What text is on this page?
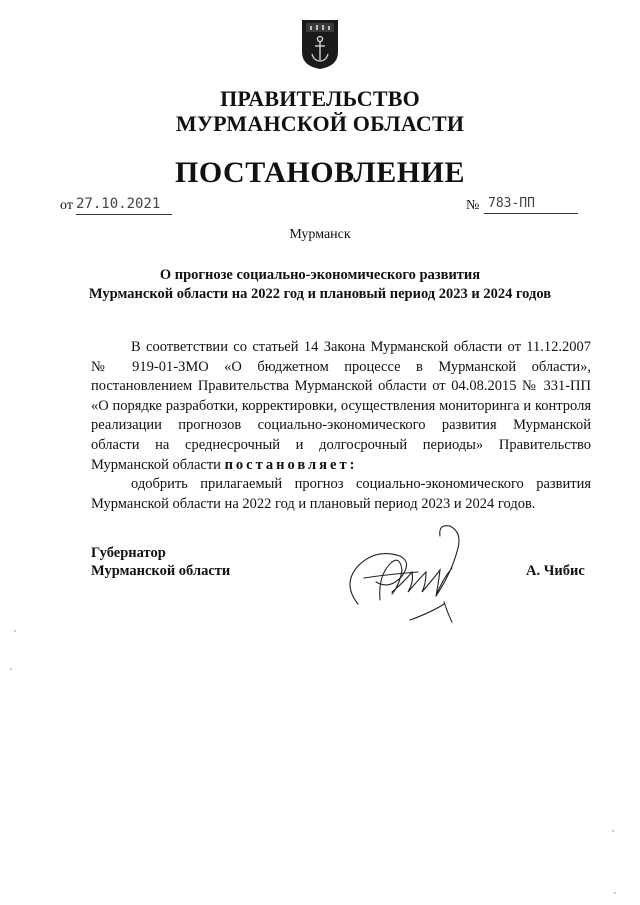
ПРАВИТЕЛЬСТВО
МУРМАНСКОЙ ОБЛАСТИ
ПОСТАНОВЛЕНИЕ
от 27.10.2021	№ 783-ПП
Мурманск
О прогнозе социально-экономического развития
Мурманской области на 2022 год и плановый период 2023 и 2024 годов

В соответствии со статьей 14 Закона Мурманской области от 11.12.2007 № 919-01-ЗМО «О бюджетном процессе в Мурманской области», постановлением Правительства Мурманской области от 04.08.2015 № 331-ПП «О порядке разработки, корректировки, осуществления мониторинга и контроля реализации прогнозов социально-экономического развития Мурманской области на среднесрочный и долгосрочный периоды» Правительство Мурманской области постановляет:

одобрить прилагаемый прогноз социально-экономического развития Мурманской области на 2022 год и плановый период 2023 и 2024 годов.

Губернатор
Мурманской области	А. Чибис
